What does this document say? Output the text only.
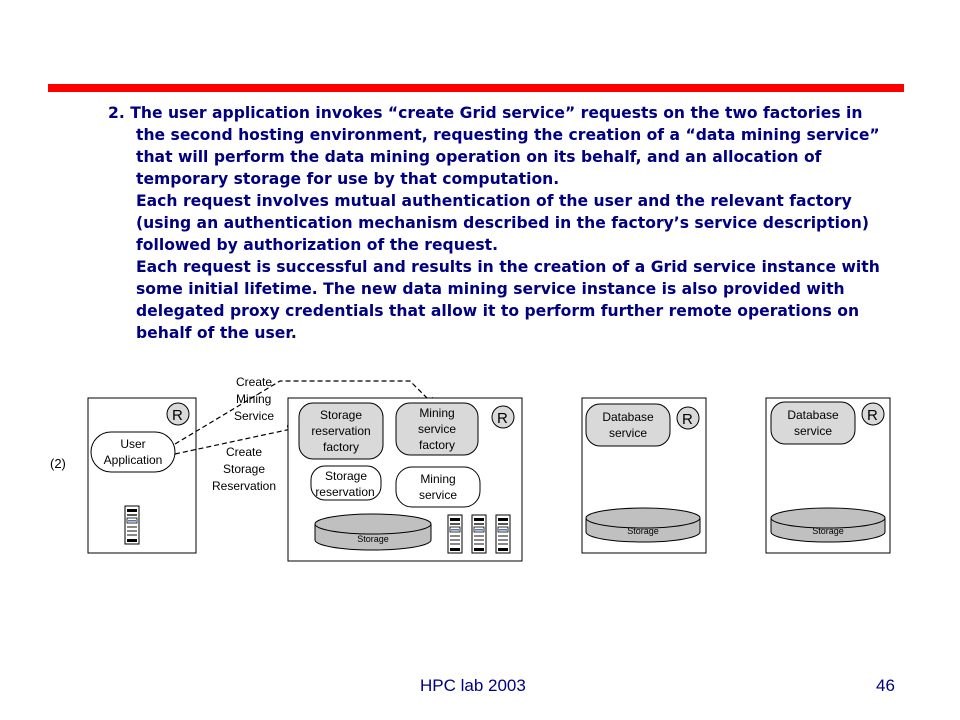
2. The user application invokes “create Grid service” requests on the two factories in the second hosting environment, requesting the creation of a “data mining service” that will perform the data mining operation on its behalf, and an allocation of temporary storage for use by that computation.

Each request involves mutual authentication of the user and the relevant factory (using an authentication mechanism described in the factory’s service description) followed by authorization of the request.

Each request is successful and results in the creation of a Grid service instance with some initial lifetime. The new data mining service instance is also provided with delegated proxy credentials that allow it to perform further remote operations on behalf of the user.

(2)
R
User
Application
Create
Mining
Service
Create
Storage
Reservation
R
Storage
reservation
factory
Mining
service
factory
Storage
reservation
Mining
service
Storage
R
Database
service
Storage
R
Database
service
Storage
HPC lab 2003	46
